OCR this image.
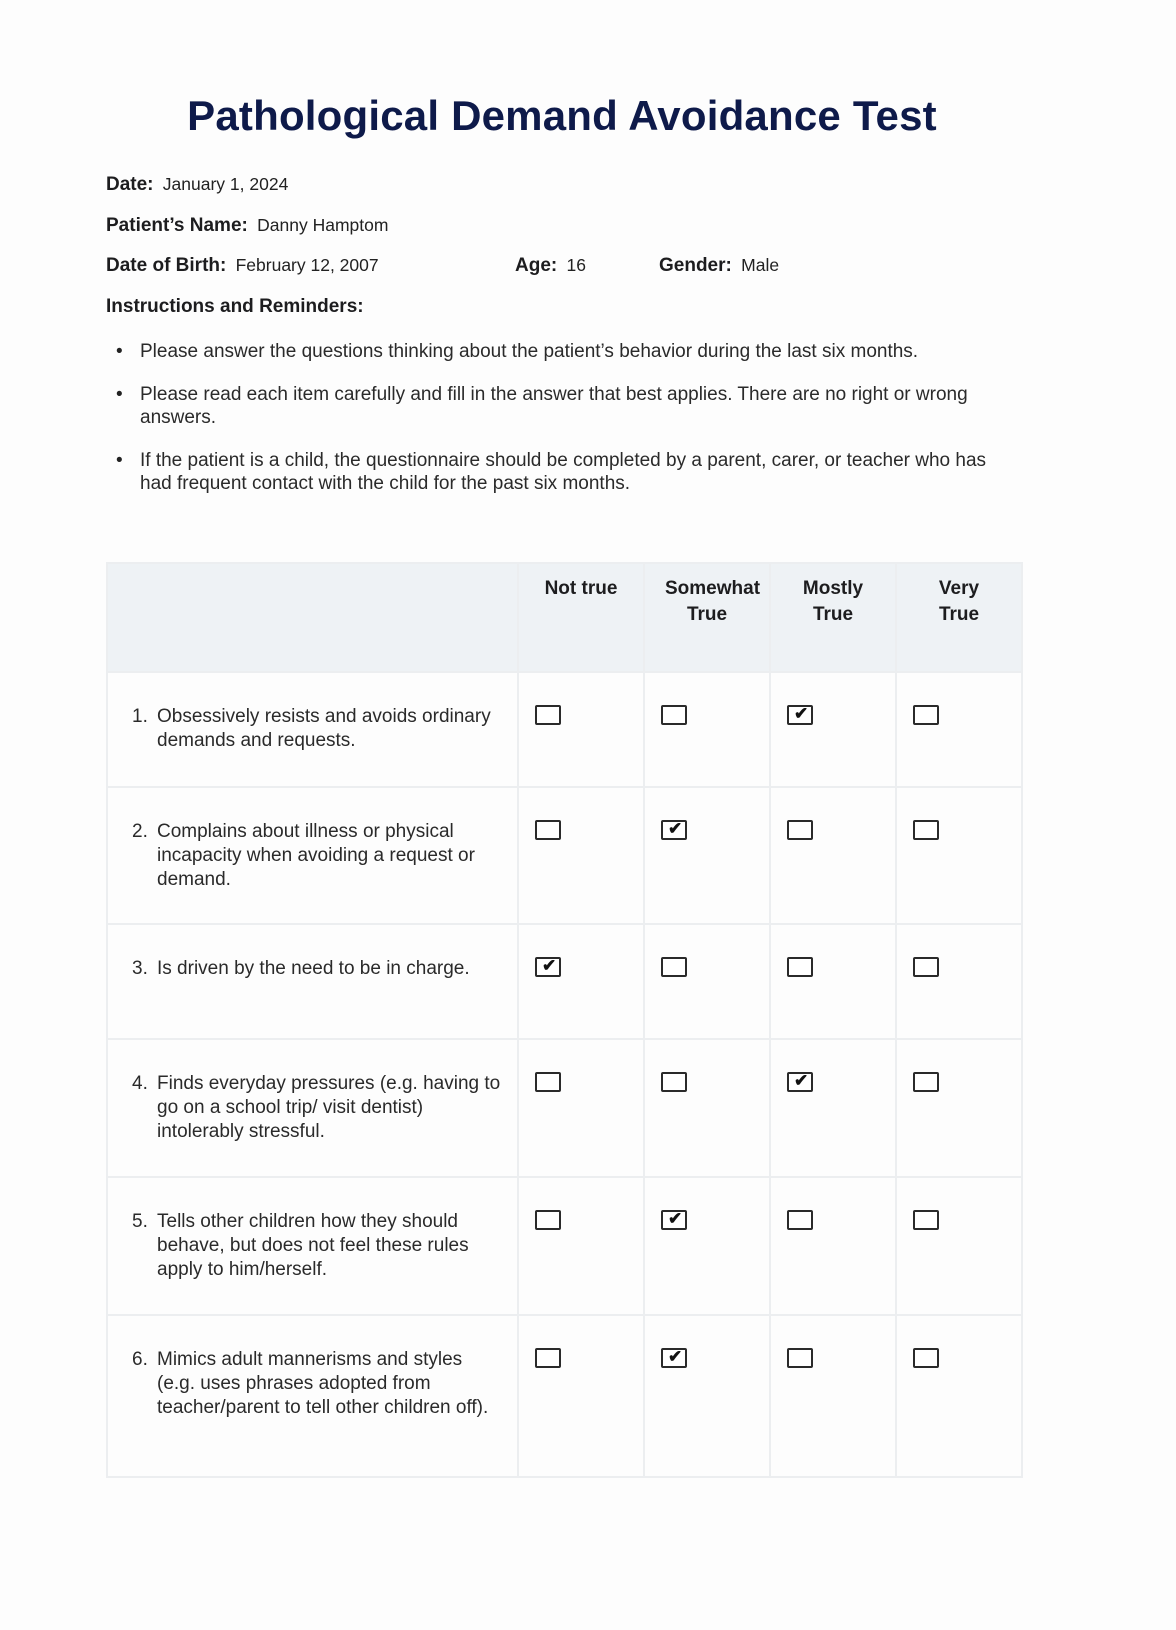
Pathological Demand Avoidance Test
Date: January 1, 2024
Patient’s Name: Danny Hamptom
Date of Birth: February 12, 2007	Age: 16	Gender: Male
Instructions and Reminders:
• Please answer the questions thinking about the patient’s behavior during the last six months.
• Please read each item carefully and fill in the answer that best applies. There are no right or wrong answers.
• If the patient is a child, the questionnaire should be completed by a parent, carer, or teacher who has had frequent contact with the child for the past six months.
	Not true	Somewhat True	Mostly True	Very True
1. Obsessively resists and avoids ordinary demands and requests.			✔	

2. Complains about illness or physical incapacity when avoiding a request or demand.		✔		

3. Is driven by the need to be in charge.	✔			

4. Finds everyday pressures (e.g. having to go on a school trip/ visit dentist) intolerably stressful.			✔	

5. Tells other children how they should behave, but does not feel these rules apply to him/herself.		✔		

6. Mimics adult mannerisms and styles (e.g. uses phrases adopted from teacher/parent to tell other children off).		✔		
